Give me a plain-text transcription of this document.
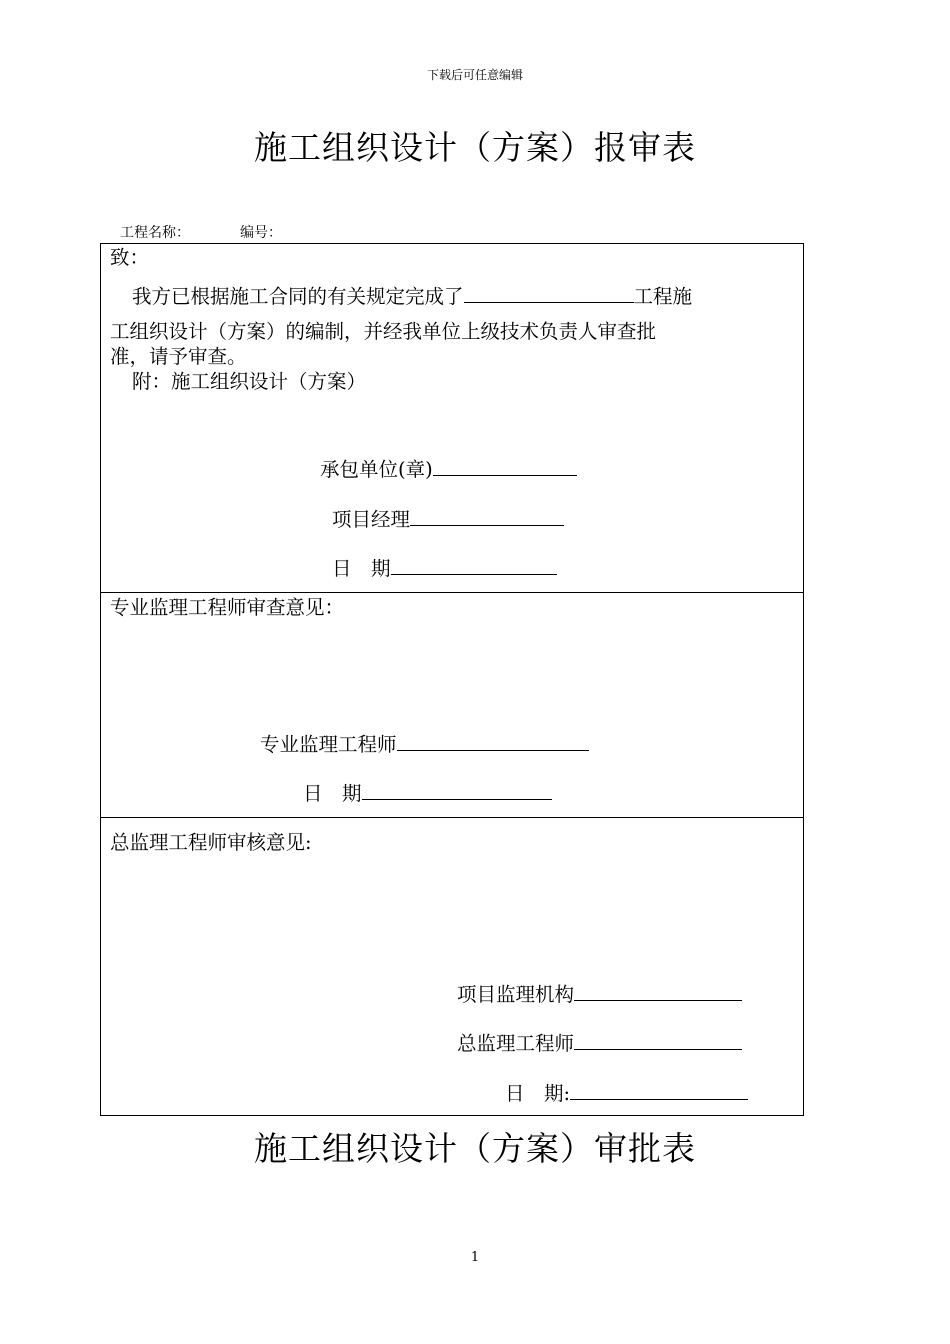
下载后可任意编辑
施工组织设计（方案）报审表
工程名称：	编号：
致：
我方已根据施工合同的有关规定完成了	工程施
工组织设计（方案）的编制，并经我单位上级技术负责人审查批
准，请予审查。
附：施工组织设计（方案）
承包单位(章)
项目经理
日　期
专业监理工程师审查意见：
专业监理工程师
日　期
总监理工程师审核意见:
项目监理机构
总监理工程师
日　期:
施工组织设计（方案）审批表
1
